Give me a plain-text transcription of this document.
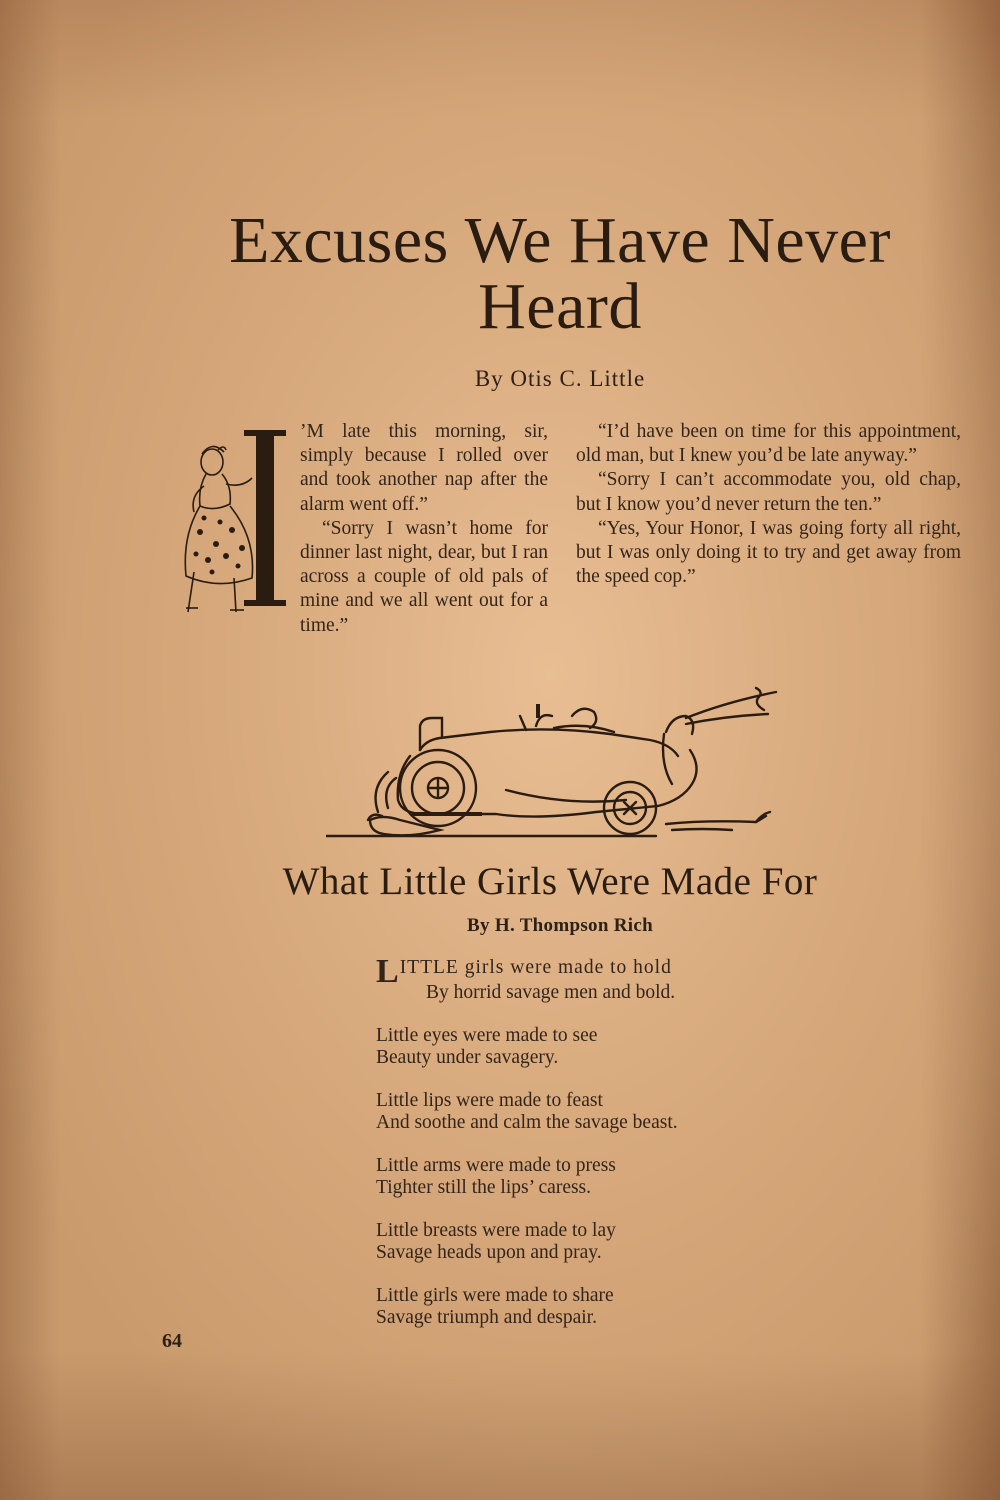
Excuses We Have Never Heard
By Otis C. Little

’M late this morning, sir, simply because I rolled over and took another nap after the alarm went off.”

“Sorry I wasn’t home for dinner last night, dear, but I ran across a couple of old pals of mine and we all went out for a time.”

“I’d have been on time for this appointment, old man, but I knew you’d be late anyway.”

“Sorry I can’t accommodate you, old chap, but I know you’d never return the ten.”

“Yes, Your Honor, I was going forty all right, but I was only doing it to try and get away from the speed cop.”

What Little Girls Were Made For
By H. Thompson Rich
LITTLE girls were made to hold
By horrid savage men and bold.
Little eyes were made to see
Beauty under savagery.
Little lips were made to feast
And soothe and calm the savage beast.
Little arms were made to press
Tighter still the lips’ caress.
Little breasts were made to lay
Savage heads upon and pray.
Little girls were made to share
Savage triumph and despair.
64
